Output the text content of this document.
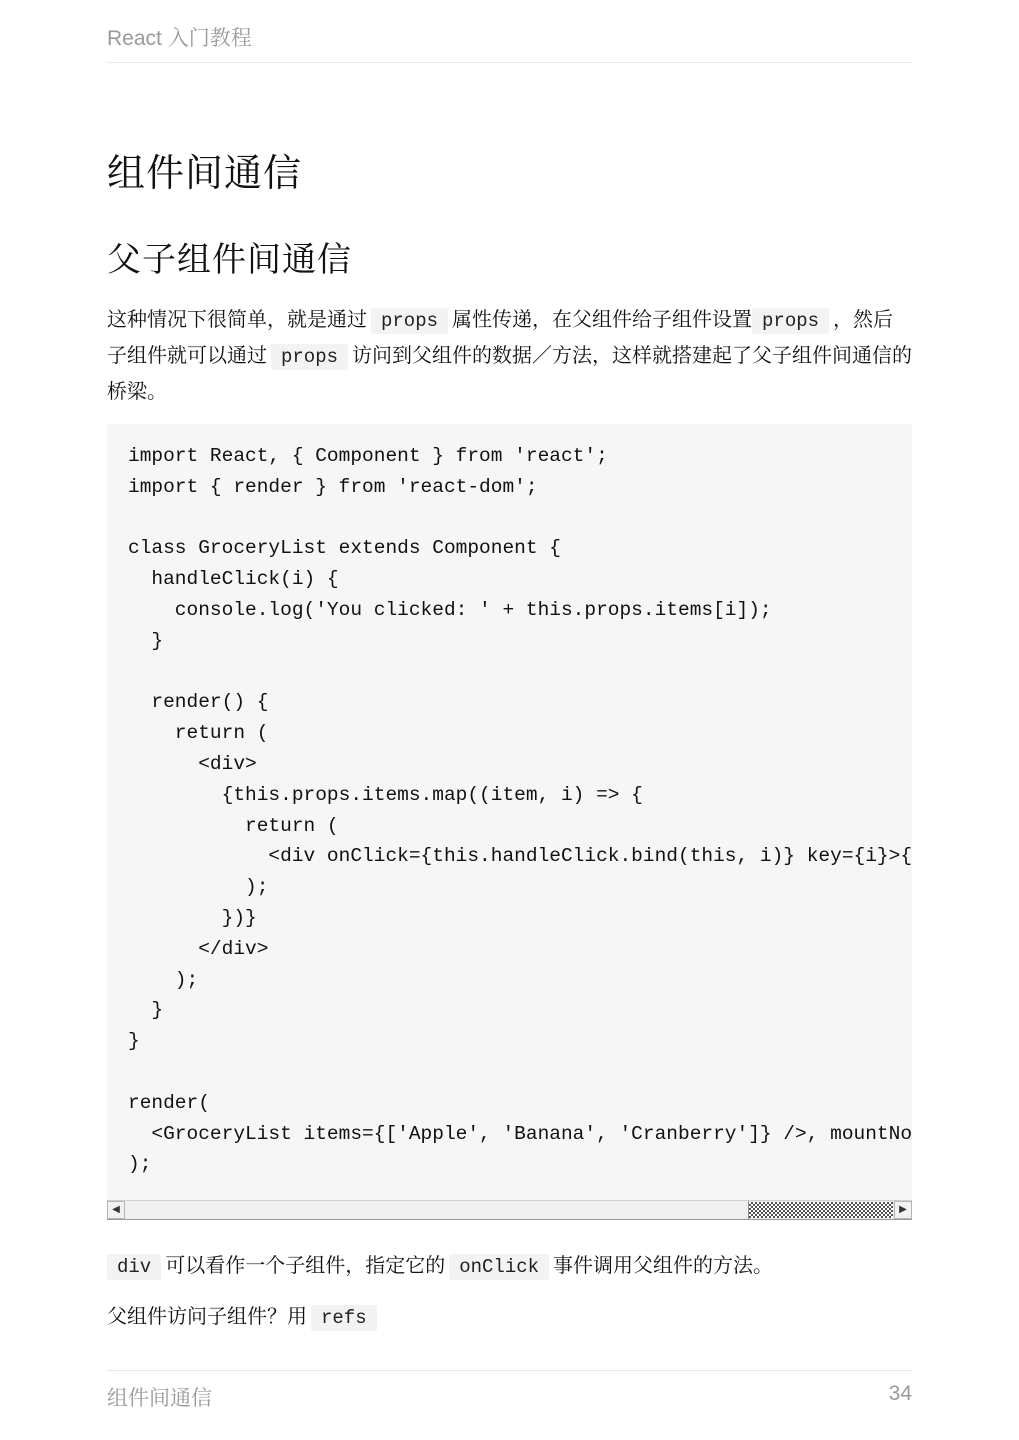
React 入门教程
组件间通信
父子组件间通信

这种情况下很简单，就是通过 props 属性传递，在父组件给子组件设置 props ，然后子组件就可以通过 props 访问到父组件的数据／方法，这样就搭建起了父子组件间通信的桥梁。

import React, { Component } from 'react';
import { render } from 'react-dom';

class GroceryList extends Component {
handleClick(i) {
console.log('You clicked: ' + this.props.items[i]);
}

render() {
return (
<div>
{this.props.items.map((item, i) => {
return (
<div onClick={this.handleClick.bind(this, i)} key={i}>{
);
})}
</div>
);
}
}

render(
<GroceryList items={['Apple', 'Banana', 'Cranberry']} />, mountNo
);
◀	▶

div 可以看作一个子组件，指定它的 onClick 事件调用父组件的方法。

父组件访问子组件？用 refs

组件间通信	34
